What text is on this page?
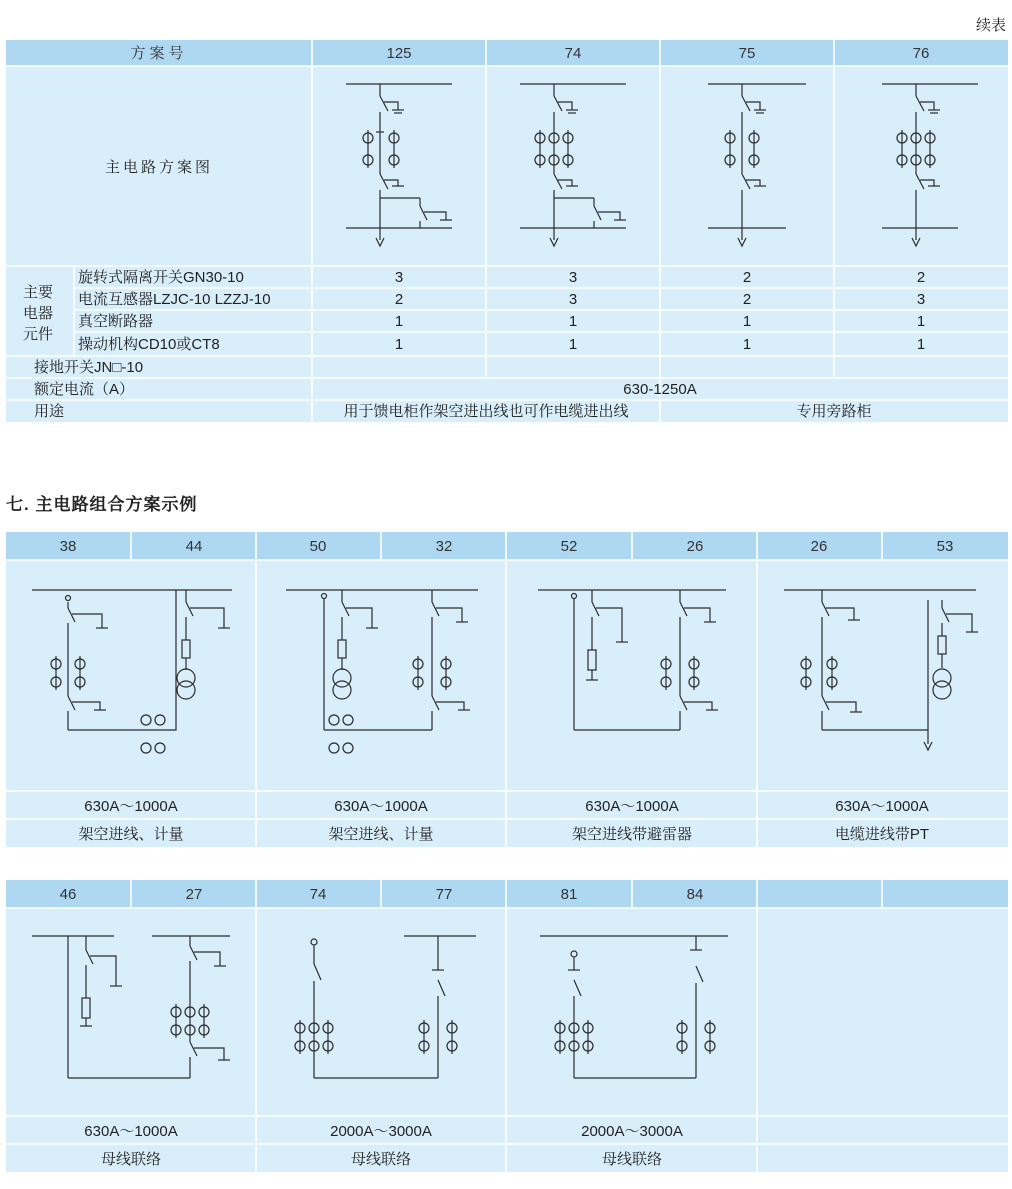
续表
方案号	125	74	75	76
主电路方案图
主要
电器
元件
旋转式隔离开关GN30-10	3	3	2	2
电流互感器LZJC-10 LZZJ-10	2	3	2	3
真空断路器	1	1	1	1
操动机构CD10或CT8	1	1	1	1
接地开关JN□-10
额定电流（A）	630-1250A
用途	用于馈电柜作架空进出线也可作电缆进出线	专用旁路柜
七. 主电路组合方案示例
38	44	50	32	52	26	26	53
630A～1000A	630A～1000A	630A～1000A	630A～1000A
架空进线、计量	架空进线、计量	架空进线带避雷器	电缆进线带PT
46	27	74	77	81	84
630A～1000A	2000A～3000A	2000A～3000A
母线联络	母线联络	母线联络
